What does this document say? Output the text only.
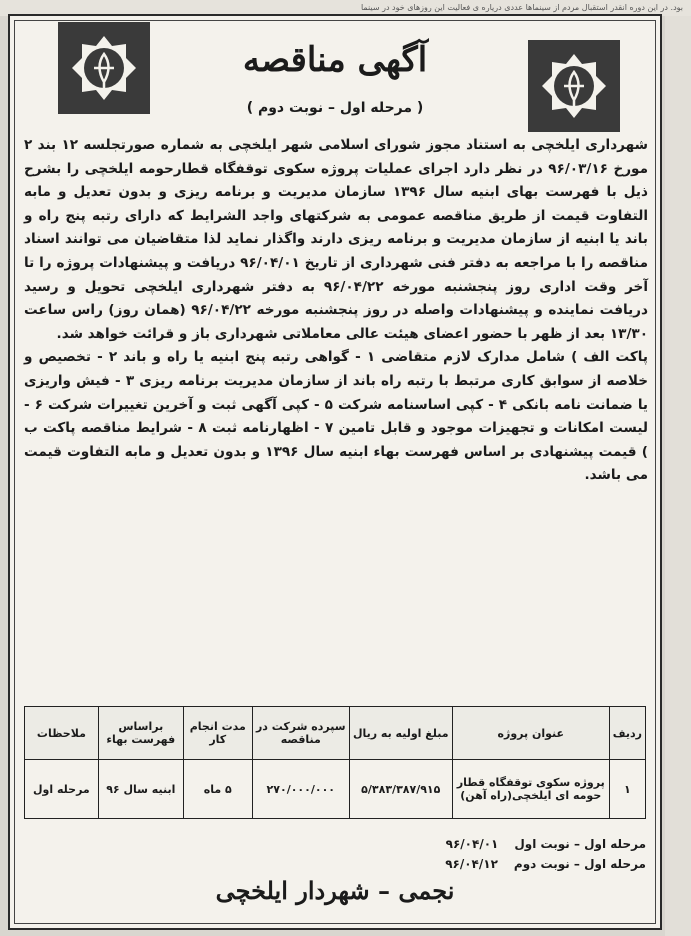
بود. در این دوره انقدر استقبال مردم از سینماها عددی دریاره ی فعالیت این روزهای خود در سینما
آگهی مناقصه
( مرحله اول – نوبت دوم )

شهرداری ایلخچی به استناد مجوز شورای اسلامی شهر ایلخچی به شماره صورتجلسه ۱۲ بند ۲ مورخ ۹۶/۰۳/۱۶ در نظر دارد اجرای عملیات پروژه سکوی توقفگاه قطارحومه ایلخچی را بشرح ذیل با فهرست بهای ابنیه سال ۱۳۹۶ سازمان مدیریت و برنامه ریزی و بدون تعدیل و مابه التفاوت قیمت از طریق مناقصه عمومی به شرکتهای واجد الشرایط که دارای رتبه پنج راه و باند یا ابنیه از سازمان مدیریت و برنامه ریزی دارند واگذار نماید لذا متقاضیان می توانند اسناد مناقصه را با مراجعه به دفتر فنی شهرداری از تاریخ ۹۶/۰۴/۰۱ دریافت و پیشنهادات پروژه را تا آخر وقت اداری روز پنجشنبه مورخه ۹۶/۰۴/۲۲ به دفتر شهرداری ایلخچی تحویل و رسید دریافت نماینده و پیشنهادات واصله در روز پنجشنبه مورخه ۹۶/۰۴/۲۲ (همان روز) راس ساعت ۱۳/۳۰ بعد از ظهر با حضور اعضای هیئت عالی معاملاتی شهرداری باز و قرائت خواهد شد.

پاکت الف ) شامل مدارک لازم متقاضی ۱ - گواهی رتبه پنج ابنیه یا راه و باند ۲ - تخصیص و خلاصه از سوابق کاری مرتبط با رتبه راه باند از سازمان مدیریت برنامه ریزی ۳ - فیش واریزی یا ضمانت نامه بانکی ۴ - کپی اساسنامه شرکت ۵ - کپی آگهی ثبت و آخرین تغییرات شرکت ۶ - لیست امکانات و تجهیزات موجود و قابل تامین ۷ - اظهارنامه ثبت ۸ - شرایط مناقصه پاکت ب ) قیمت پیشنهادی بر اساس فهرست بهاء ابنیه سال ۱۳۹۶ و بدون تعدیل و مابه التفاوت قیمت می باشد.

ردیف	عنوان پروژه	مبلغ اولیه به ریال	سپرده شرکت در مناقصه	مدت انجام کار	براساس فهرست بهاء	ملاحظات
۱	پروژه سکوی توقفگاه قطار حومه ای ایلخچی(راه آهن)	۵/۳۸۳/۳۸۷/۹۱۵	۲۷۰/۰۰۰/۰۰۰	۵ ماه	ابنیه سال ۹۶	مرحله اول
مرحله اول – نوبت اول
۹۶/۰۴/۰۱
مرحله اول – نوبت دوم
۹۶/۰۴/۱۲
نجمی – شهردار ایلخچی
